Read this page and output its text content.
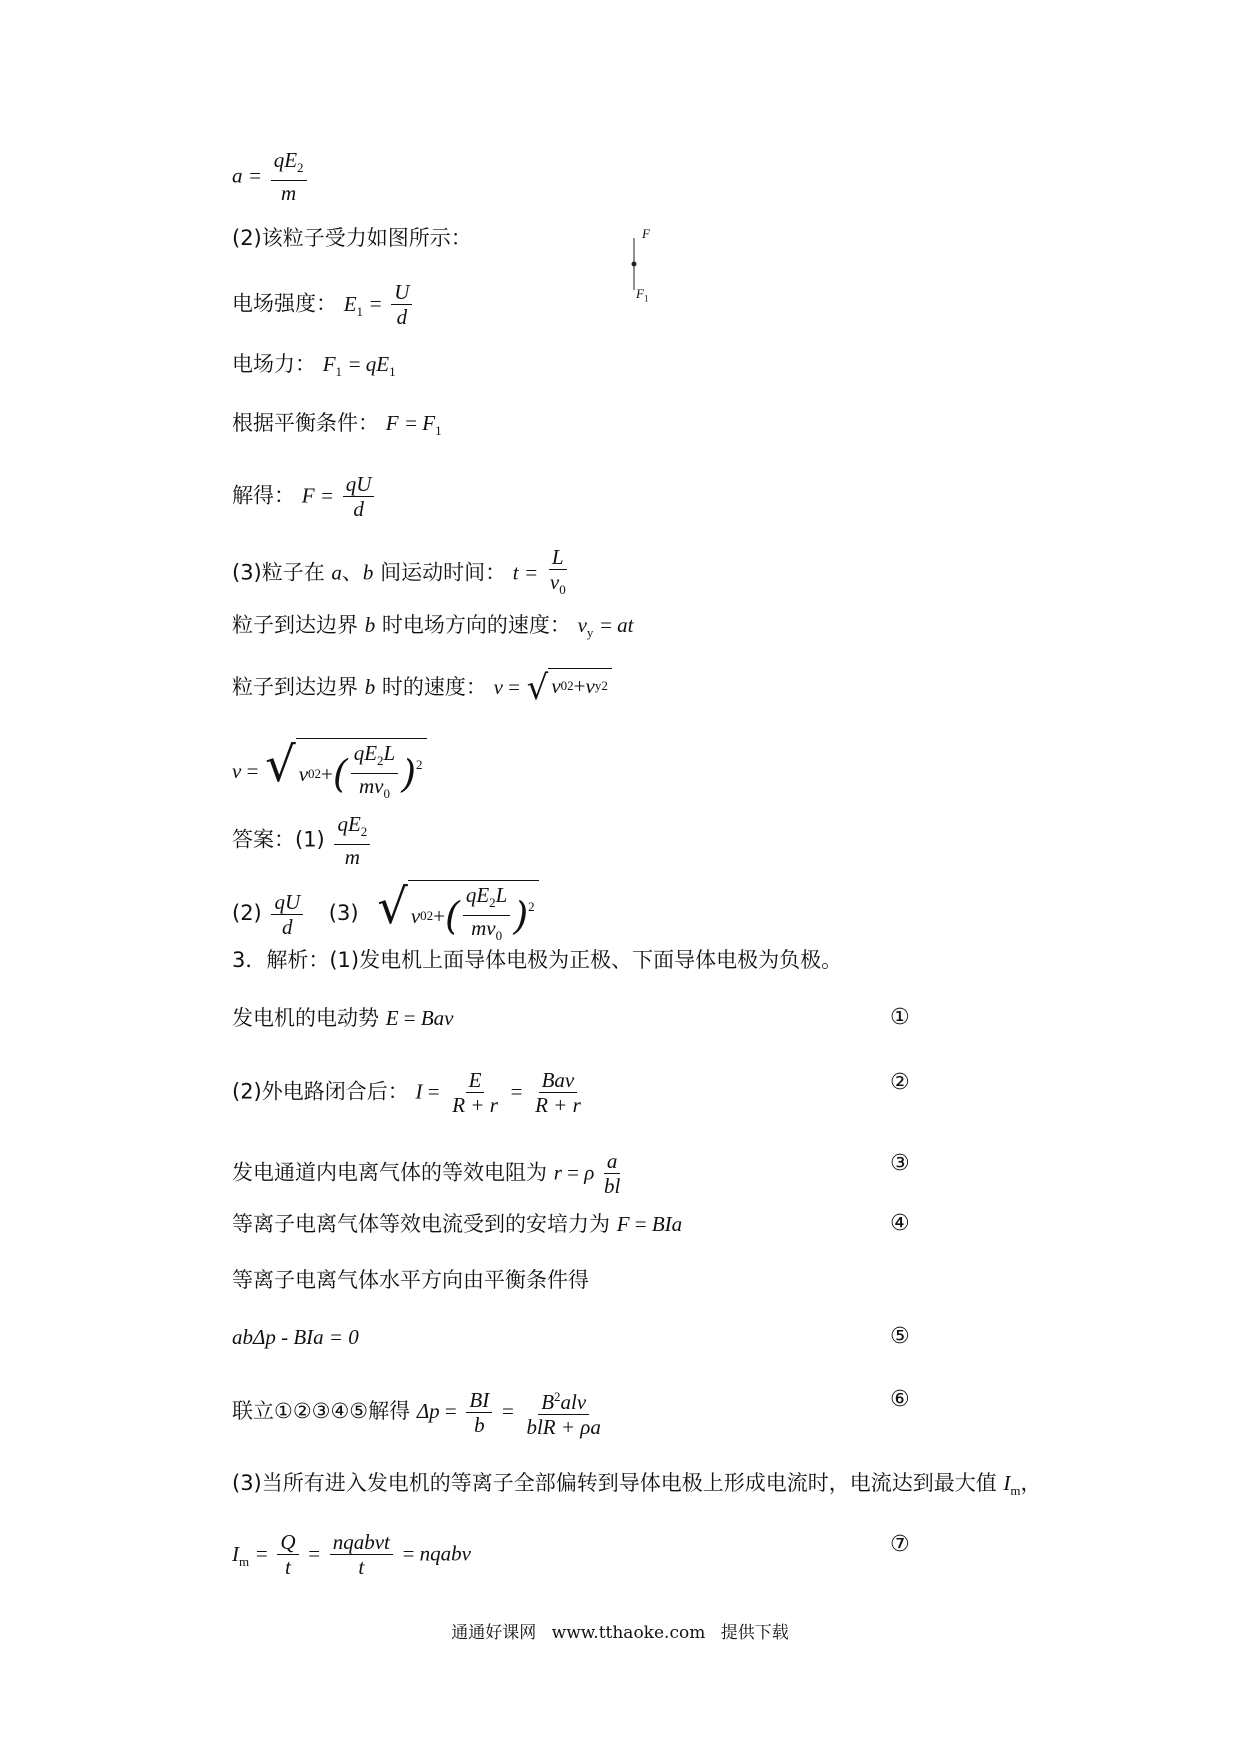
$a = \frac{qE_2}{m}$
(2)该粒子受力如图所示：	F
$F_1$
电场强度： $E_1 = \frac{U}{d}$
电场力： $F_1 = qE_1$
根据平衡条件： $F = F_1$
解得： $F = \frac{qU}{d}$
(3)粒子在 a、b 间运动时间： $t = \frac{L}{v_0}$
粒子到达边界 b 时电场方向的速度： $v_y$ = at
粒子到达边界 b 时的速度： v = √ v 0 2 + v y 2
v = √ v 0 2 + ( $\frac{qE_2L}{mv_0} )^2$
答案：$(1) \frac{qE_2}{m}$
$(2) \frac{qU}{d} (3)$ √ v 0 2 + ( $\frac{qE_2L}{mv_0} )^2$
3．解析：(1)发电机上面导体电极为正极、下面导体电极为负极。
发电机的电动势 E = Bav	①
(2)外电路闭合后： $I = \frac{E}{R + r} = \frac{\text{Bav}}{R + r}$	②
发电通道内电离气体的等效电阻为 r = ρ $\frac{a}{bl}$	③
等离子电离气体等效电流受到的安培力为 F = BIa	④
等离子电离气体水平方向由平衡条件得
abΔp - BIa = 0	⑤
联立①②③④⑤解得 $\Delta p = \frac{BI}{b} = \frac{B^2alv}{\text{blR + ρa}}$	⑥
(3)当所有进入发电机的等离子全部偏转到导体电极上形成电流时，电流达到最大值 $I_m$，
$I_m = \frac{Q}{t} = \frac{\text{nqabvt}}{t}$ = nqabv	⑦
通通好课网 www.tthaoke.com 提供下载
